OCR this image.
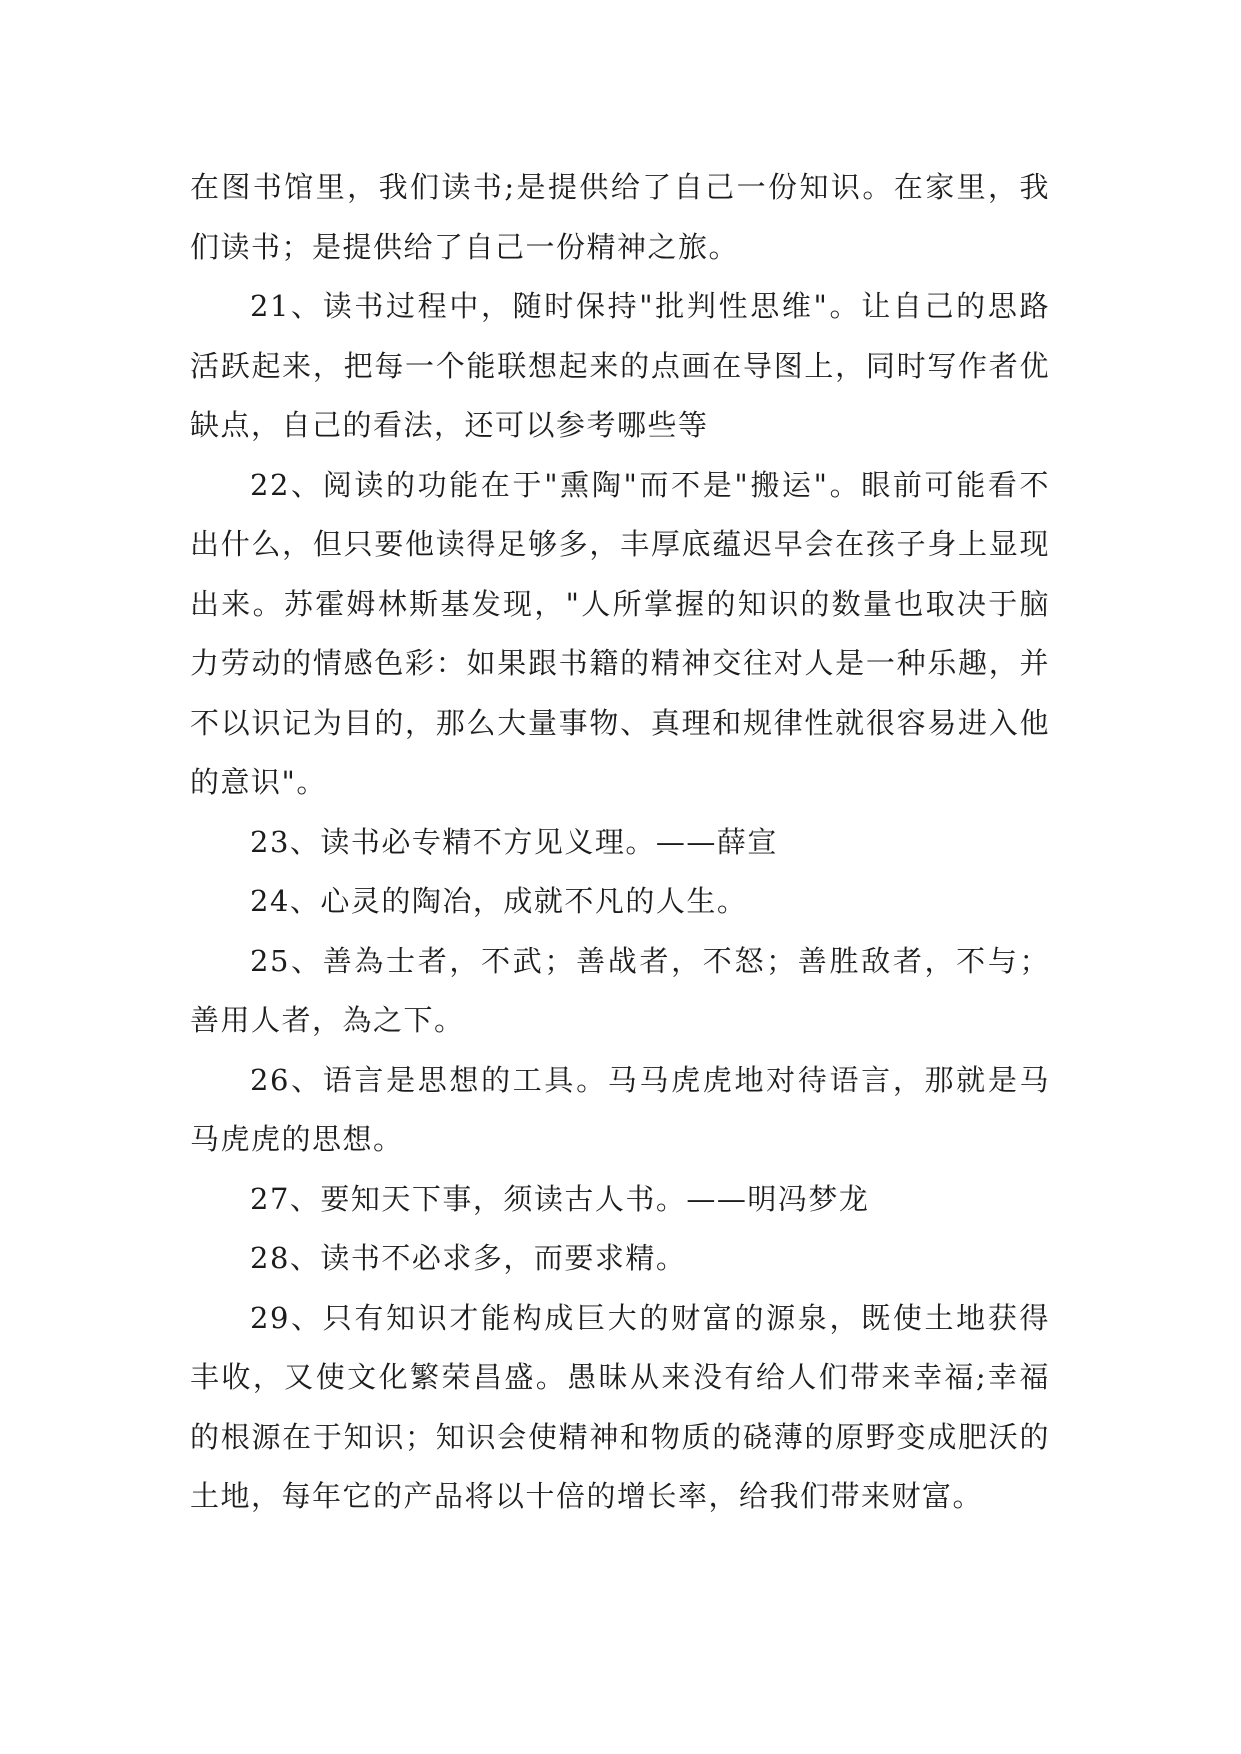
在图书馆里，我们读书;是提供给了自己一份知识。在家里，我们读书；是提供给了自己一份精神之旅。

21、读书过程中，随时保持"批判性思维"。让自己的思路活跃起来，把每一个能联想起来的点画在导图上，同时写作者优缺点，自己的看法，还可以参考哪些等

22、阅读的功能在于"熏陶"而不是"搬运"。眼前可能看不出什么，但只要他读得足够多，丰厚底蕴迟早会在孩子身上显现出来。苏霍姆林斯基发现，"人所掌握的知识的数量也取决于脑力劳动的情感色彩：如果跟书籍的精神交往对人是一种乐趣，并不以识记为目的，那么大量事物、真理和规律性就很容易进入他的意识"。

23、读书必专精不方见义理。——薛宣

24、心灵的陶冶，成就不凡的人生。

25、善為士者，不武；善战者，不怒；善胜敌者，不与；善用人者，為之下。

26、语言是思想的工具。马马虎虎地对待语言，那就是马马虎虎的思想。

27、要知天下事，须读古人书。——明冯梦龙

28、读书不必求多，而要求精。

29、只有知识才能构成巨大的财富的源泉，既使土地获得丰收，又使文化繁荣昌盛。愚昧从来没有给人们带来幸福;幸福的根源在于知识；知识会使精神和物质的硗薄的原野变成肥沃的土地，每年它的产品将以十倍的增长率，给我们带来财富。
